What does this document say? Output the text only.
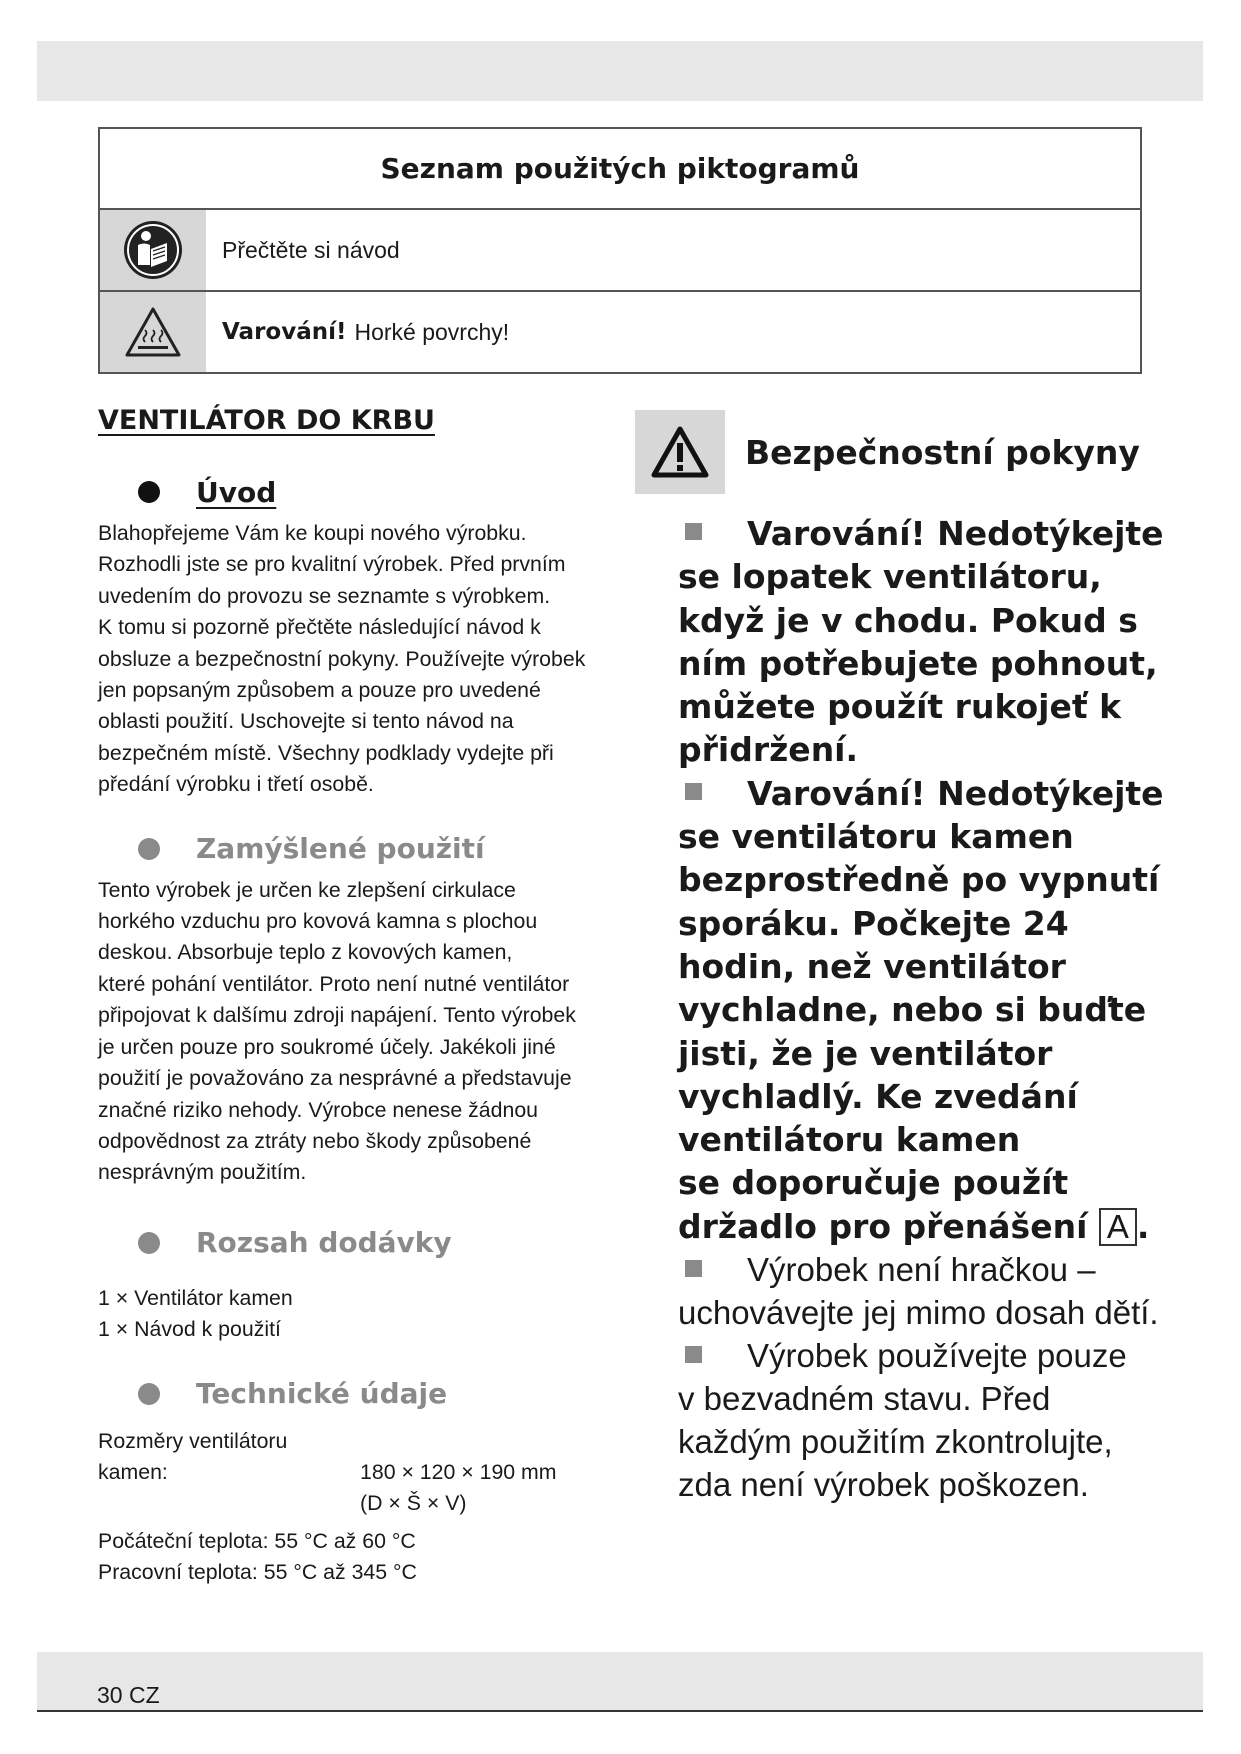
Seznam použitých piktogramů
Přečtěte si návod
Varování! Horké povrchy!
VENTILÁTOR DO KRBU
Úvod

Blahopřejeme Vám ke koupi nového výrobku.
Rozhodli jste se pro kvalitní výrobek. Před prvním
uvedením do provozu se seznamte s výrobkem.
K tomu si pozorně přečtěte následující návod k
obsluze a bezpečnostní pokyny. Používejte výrobek
jen popsaným způsobem a pouze pro uvedené
oblasti použití. Uschovejte si tento návod na
bezpečném místě. Všechny podklady vydejte při
předání výrobku i třetí osobě.

Zamýšlené použití

Tento výrobek je určen ke zlepšení cirkulace
horkého vzduchu pro kovová kamna s plochou
deskou. Absorbuje teplo z kovových kamen,
které pohání ventilátor. Proto není nutné ventilátor
připojovat k dalšímu zdroji napájení. Tento výrobek
je určen pouze pro soukromé účely. Jakékoli jiné
použití je považováno za nesprávné a představuje
značné riziko nehody. Výrobce nenese žádnou
odpovědnost za ztráty nebo škody způsobené
nesprávným použitím.

Rozsah dodávky

1 × Ventilátor kamen
1 × Návod k použití

Technické údaje
Rozměry ventilátoru
kamen:	180 × 120 × 190 mm
(D × Š × V)

Počáteční teplota: 55 °C až 60 °C
Pracovní teplota: 55 °C až 345 °C

Bezpečnostní pokyny
Varování! Nedotýkejte
se lopatek ventilátoru,
když je v chodu. Pokud s
ním potřebujete pohnout,
můžete použít rukojeť k
přidržení.
Varování! Nedotýkejte
se ventilátoru kamen
bezprostředně po vypnutí
sporáku. Počkejte 24
hodin, než ventilátor
vychladne, nebo si buďte
jisti, že je ventilátor
vychladlý. Ke zvedání
ventilátoru kamen
se doporučuje použít
držadlo pro přenášení A .
Výrobek není hračkou –
uchovávejte jej mimo dosah dětí.
Výrobek používejte pouze
v bezvadném stavu. Před
každým použitím zkontrolujte,
zda není výrobek poškozen.
30 CZ
